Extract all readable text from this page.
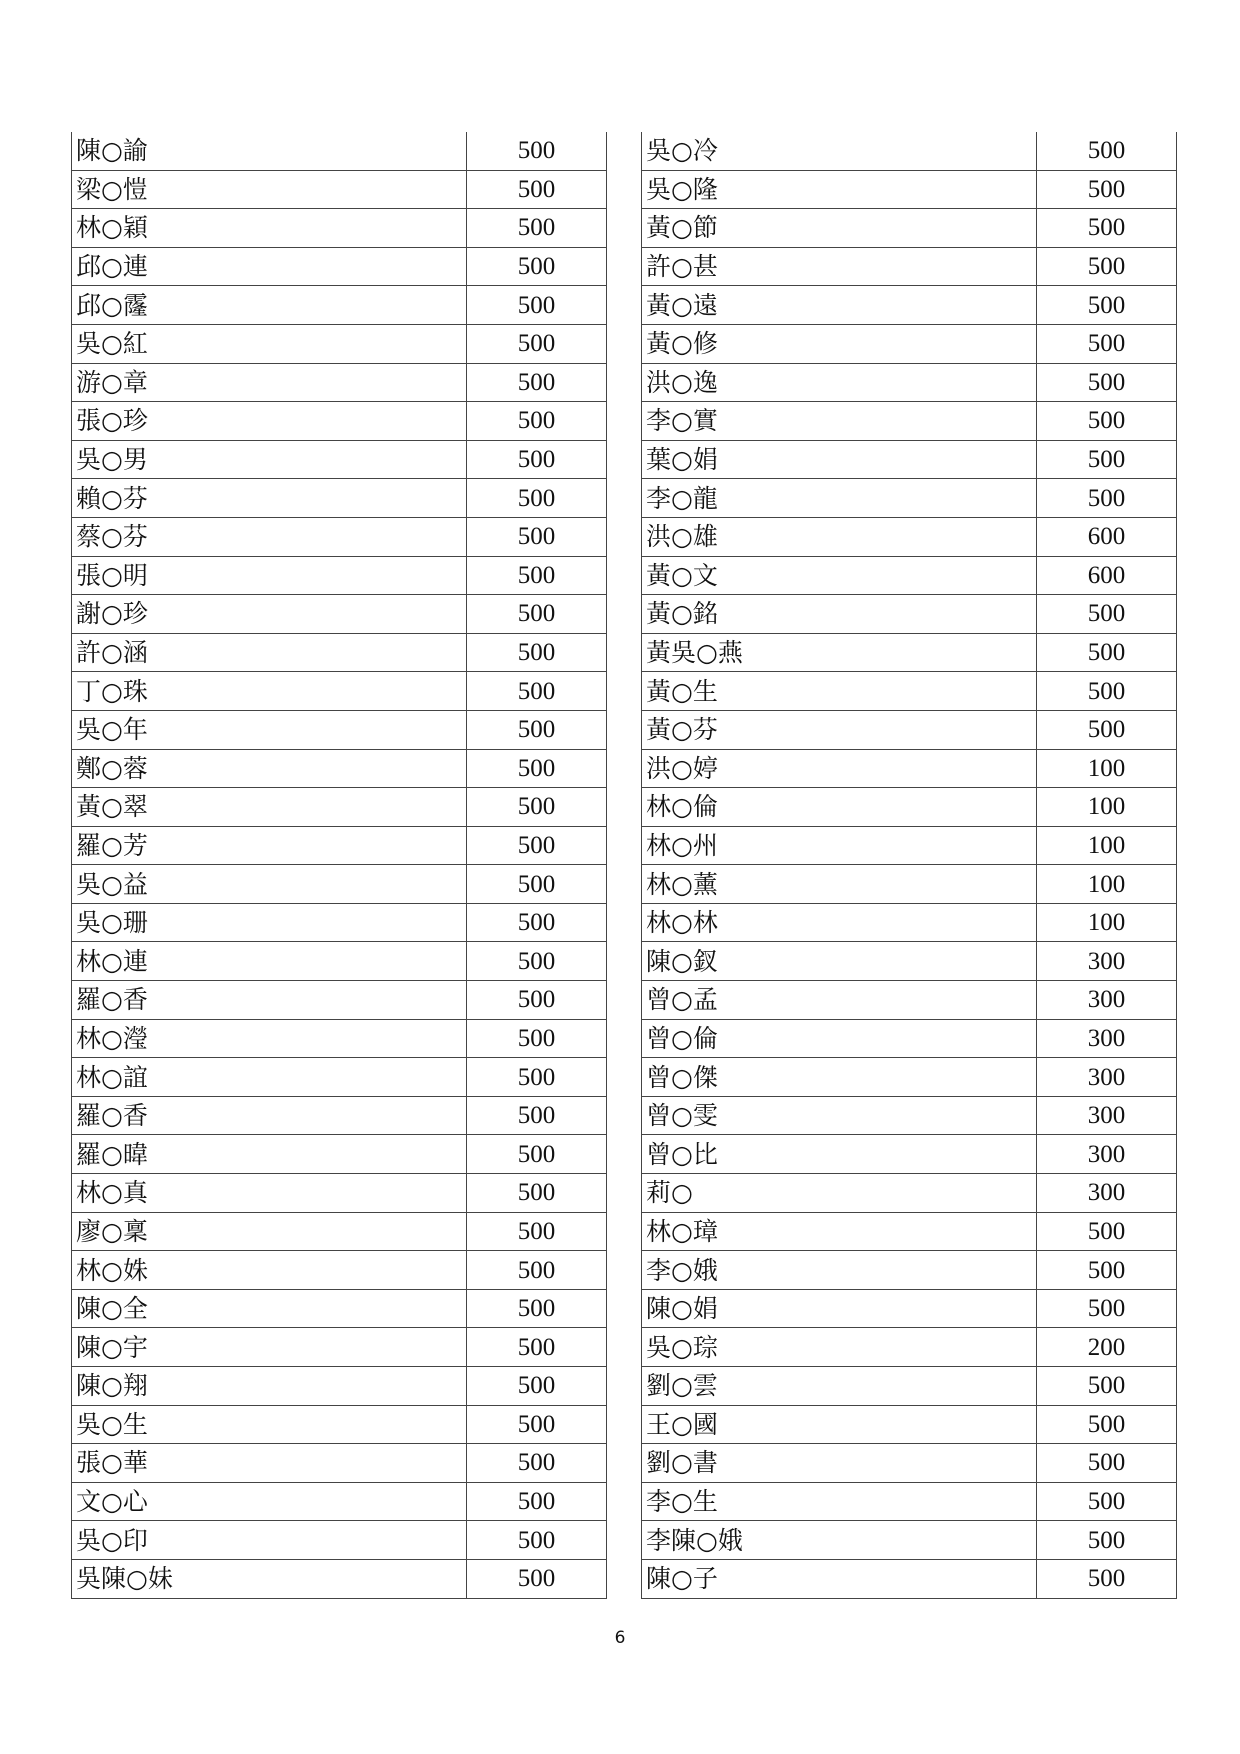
陳○諭	500
梁○愷	500
林○穎	500
邱○連	500
邱○霳	500
吳○紅	500
游○章	500
張○珍	500
吳○男	500
賴○芬	500
蔡○芬	500
張○明	500
謝○珍	500
許○涵	500
丁○珠	500
吳○年	500
鄭○蓉	500
黃○翠	500
羅○芳	500
吳○益	500
吳○珊	500
林○連	500
羅○香	500
林○瀅	500
林○誼	500
羅○香	500
羅○暐	500
林○真	500
廖○稟	500
林○姝	500
陳○全	500
陳○宇	500
陳○翔	500
吳○生	500
張○華	500
文○心	500
吳○印	500
吳陳○妹	500
吳○冷	500
吳○隆	500
黃○節	500
許○甚	500
黃○遠	500
黃○修	500
洪○逸	500
李○實	500
葉○娟	500
李○龍	500
洪○雄	600
黃○文	600
黃○銘	500
黃吳○燕	500
黃○生	500
黃○芬	500
洪○婷	100
林○倫	100
林○州	100
林○薰	100
林○林	100
陳○釵	300
曾○孟	300
曾○倫	300
曾○傑	300
曾○雯	300
曾○比	300
莉○	300
林○璋	500
李○娥	500
陳○娟	500
吳○琮	200
劉○雲	500
王○國	500
劉○書	500
李○生	500
李陳○娥	500
陳○子	500
6
